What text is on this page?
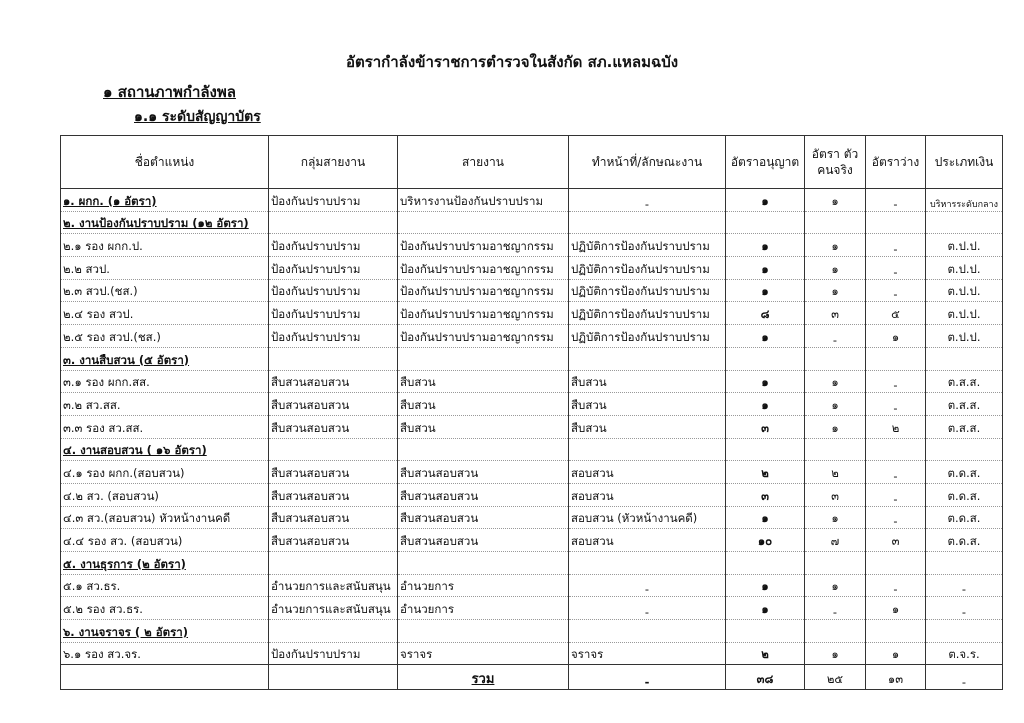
อัตรากำลังข้าราชการตำรวจในสังกัด สภ.แหลมฉบัง
๑ สถานภาพกำลังพล
๑.๑ ระดับสัญญาบัตร
ชื่อตำแหน่ง	กลุ่มสายงาน	สายงาน	ทำหน้าที่/ลักษณะงาน	อัตราอนุญาต	อัตรา ตัวคนจริง	อัตราว่าง	ประเภทเงิน
๑. ผกก. (๑ อัตรา)	ป้องกันปราบปราม	บริหารงานป้องกันปราบปราม	-	๑	๑	-	บริหารระดับกลาง
๒. งานป้องกันปราบปราม (๑๒ อัตรา)							
๒.๑ รอง ผกก.ป.	ป้องกันปราบปราม	ป้องกันปราบปรามอาชญากรรม	ปฏิบัติการป้องกันปราบปราม	๑	๑	-	ต.ป.ป.
๒.๒ สวป.	ป้องกันปราบปราม	ป้องกันปราบปรามอาชญากรรม	ปฏิบัติการป้องกันปราบปราม	๑	๑	-	ต.ป.ป.
๒.๓ สวป.(ชส.)	ป้องกันปราบปราม	ป้องกันปราบปรามอาชญากรรม	ปฏิบัติการป้องกันปราบปราม	๑	๑	-	ต.ป.ป.
๒.๔ รอง สวป.	ป้องกันปราบปราม	ป้องกันปราบปรามอาชญากรรม	ปฏิบัติการป้องกันปราบปราม	๘	๓	๕	ต.ป.ป.
๒.๕ รอง สวป.(ชส.)	ป้องกันปราบปราม	ป้องกันปราบปรามอาชญากรรม	ปฏิบัติการป้องกันปราบปราม	๑	-	๑	ต.ป.ป.
๓. งานสืบสวน (๕ อัตรา)							
๓.๑ รอง ผกก.สส.	สืบสวนสอบสวน	สืบสวน	สืบสวน	๑	๑	-	ต.ส.ส.
๓.๒ สว.สส.	สืบสวนสอบสวน	สืบสวน	สืบสวน	๑	๑	-	ต.ส.ส.
๓.๓ รอง สว.สส.	สืบสวนสอบสวน	สืบสวน	สืบสวน	๓	๑	๒	ต.ส.ส.
๔. งานสอบสวน ( ๑๖ อัตรา)							
๔.๑ รอง ผกก.(สอบสวน)	สืบสวนสอบสวน	สืบสวนสอบสวน	สอบสวน	๒	๒	-	ต.ด.ส.
๔.๒ สว. (สอบสวน)	สืบสวนสอบสวน	สืบสวนสอบสวน	สอบสวน	๓	๓	-	ต.ด.ส.
๔.๓ สว.(สอบสวน) หัวหน้างานคดี	สืบสวนสอบสวน	สืบสวนสอบสวน	สอบสวน (หัวหน้างานคดี)	๑	๑	-	ต.ด.ส.
๔.๔ รอง สว. (สอบสวน)	สืบสวนสอบสวน	สืบสวนสอบสวน	สอบสวน	๑๐	๗	๓	ต.ด.ส.
๕. งานธุรการ (๒ อัตรา)							
๕.๑ สว.ธร.	อำนวยการและสนับสนุน	อำนวยการ	-	๑	๑	-	-
๕.๒ รอง สว.ธร.	อำนวยการและสนับสนุน	อำนวยการ	-	๑	-	๑	-
๖. งานจราจร ( ๒ อัตรา)							
๖.๑ รอง สว.จร.	ป้องกันปราบปราม	จราจร	จราจร	๒	๑	๑	ต.จ.ร.
		รวม	-	๓๘	๒๕	๑๓	-
